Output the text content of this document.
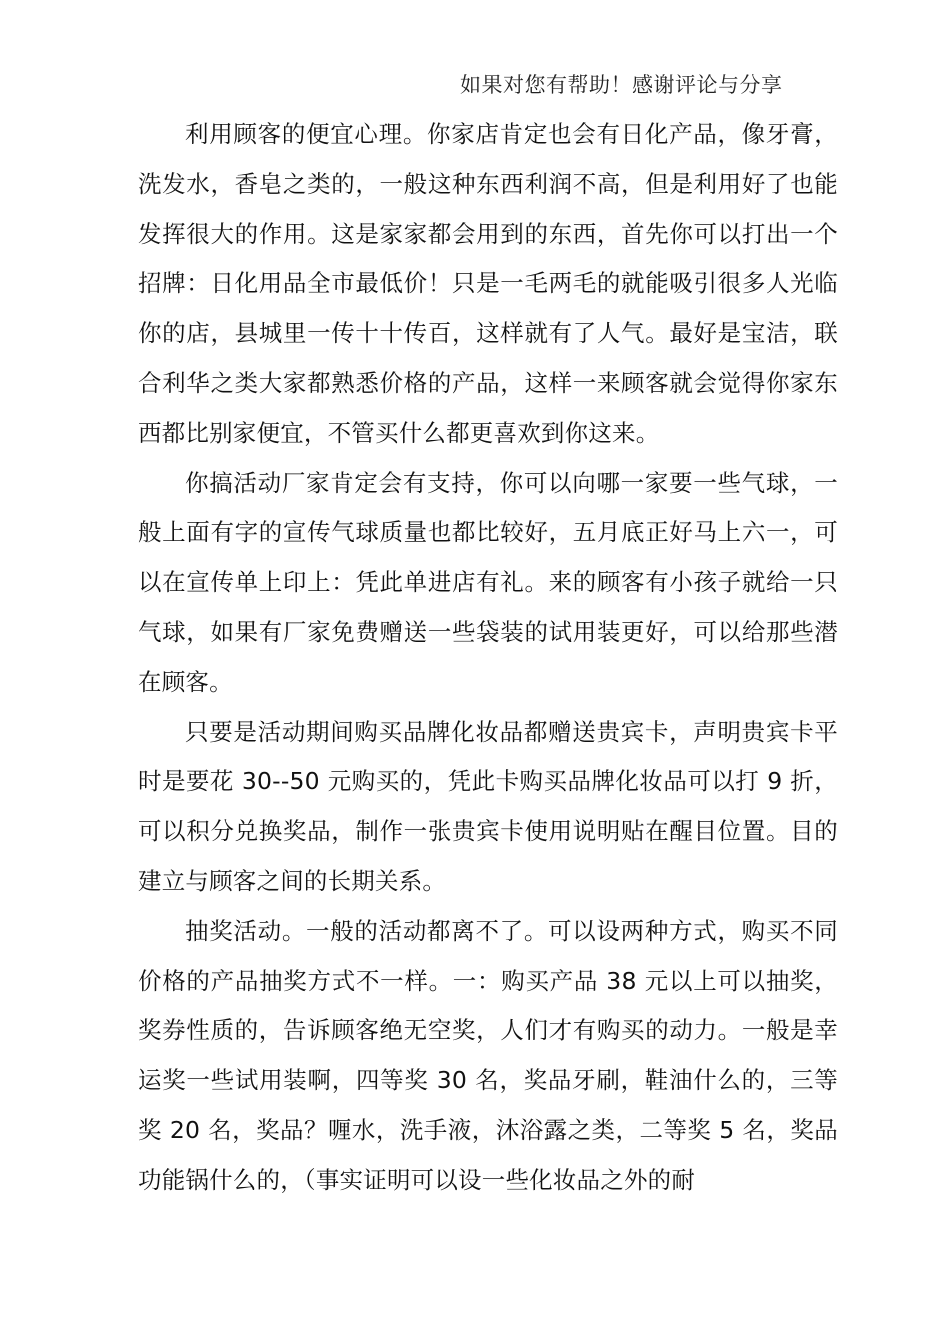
如果对您有帮助！感谢评论与分享

利用顾客的便宜心理。你家店肯定也会有日化产品，像牙膏，洗发水，香皂之类的，一般这种东西利润不高，但是利用好了也能发挥很大的作用。这是家家都会用到的东西，首先你可以打出一个招牌：日化用品全市最低价！只是一毛两毛的就能吸引很多人光临你的店，县城里一传十十传百，这样就有了人气。最好是宝洁，联合利华之类大家都熟悉价格的产品，这样一来顾客就会觉得你家东西都比别家便宜，不管买什么都更喜欢到你这来。

你搞活动厂家肯定会有支持，你可以向哪一家要一些气球，一般上面有字的宣传气球质量也都比较好，五月底正好马上六一，可以在宣传单上印上：凭此单进店有礼。来的顾客有小孩子就给一只气球，如果有厂家免费赠送一些袋装的试用装更好，可以给那些潜在顾客。

只要是活动期间购买品牌化妆品都赠送贵宾卡，声明贵宾卡平时是要花 30--50 元购买的，凭此卡购买品牌化妆品可以打 9 折，可以积分兑换奖品，制作一张贵宾卡使用说明贴在醒目位置。目的建立与顾客之间的长期关系。

抽奖活动。一般的活动都离不了。可以设两种方式，购买不同价格的产品抽奖方式不一样。一：购买产品 38 元以上可以抽奖，奖券性质的，告诉顾客绝无空奖，人们才有购买的动力。一般是幸运奖一些试用装啊，四等奖 30 名，奖品牙刷，鞋油什么的，三等奖 20 名，奖品？喱水，洗手液，沐浴露之类，二等奖 5 名，奖品功能锅什么的，（事实证明可以设一些化妆品之外的耐
